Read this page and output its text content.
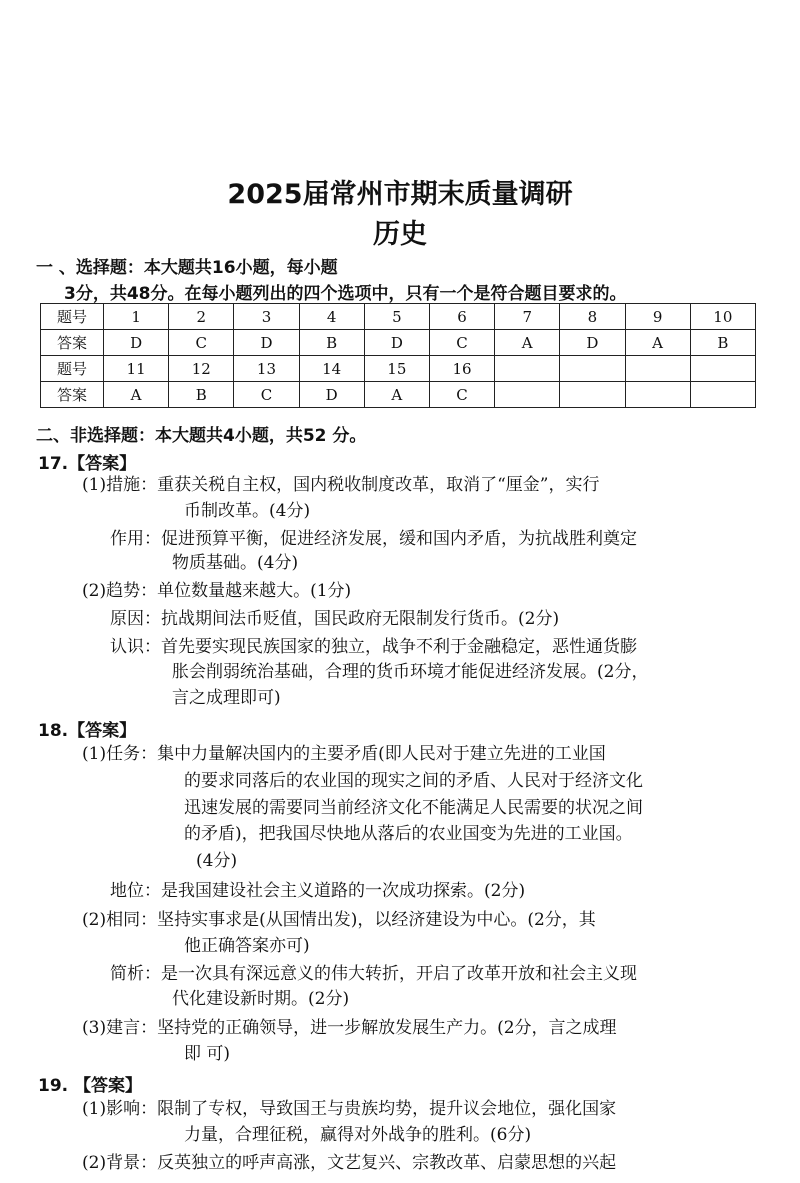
2025届常州市期末质量调研
历史
一 、选择题：本大题共16小题，每小题
3分，共48分。在每小题列出的四个选项中，只有一个是符合题目要求的。
题号	1	2	3	4	5	6	7	8	9	10
答案	D	C	D	B	D	C	A	D	A	B
题号	11	12	13	14	15	16				
答案	A	B	C	D	A	C				
二、非选择题：本大题共4小题，共52 分。
17.【答案】
(1)措施：重获关税自主权，国内税收制度改革，取消了“厘金”，实行
币制改革。(4分)
作用：促进预算平衡，促进经济发展，缓和国内矛盾，为抗战胜利奠定
物质基础。(4分)
(2)趋势：单位数量越来越大。(1分)
原因：抗战期间法币贬值，国民政府无限制发行货币。(2分)
认识：首先要实现民族国家的独立，战争不利于金融稳定，恶性通货膨
胀会削弱统治基础，合理的货币环境才能促进经济发展。(2分，
言之成理即可)
18.【答案】
(1)任务：集中力量解决国内的主要矛盾(即人民对于建立先进的工业国
的要求同落后的农业国的现实之间的矛盾、人民对于经济文化
迅速发展的需要同当前经济文化不能满足人民需要的状况之间
的矛盾)，把我国尽快地从落后的农业国变为先进的工业国。
(4分)
地位：是我国建设社会主义道路的一次成功探索。(2分)
(2)相同：坚持实事求是(从国情出发)，以经济建设为中心。(2分，其
他正确答案亦可)
简析：是一次具有深远意义的伟大转折，开启了改革开放和社会主义现
代化建设新时期。(2分)
(3)建言：坚持党的正确领导，进一步解放发展生产力。(2分，言之成理
即 可)
19. 【答案】
(1)影响：限制了专权，导致国王与贵族均势，提升议会地位，强化国家
力量，合理征税，赢得对外战争的胜利。(6分)
(2)背景：反英独立的呼声高涨，文艺复兴、宗教改革、启蒙思想的兴起
